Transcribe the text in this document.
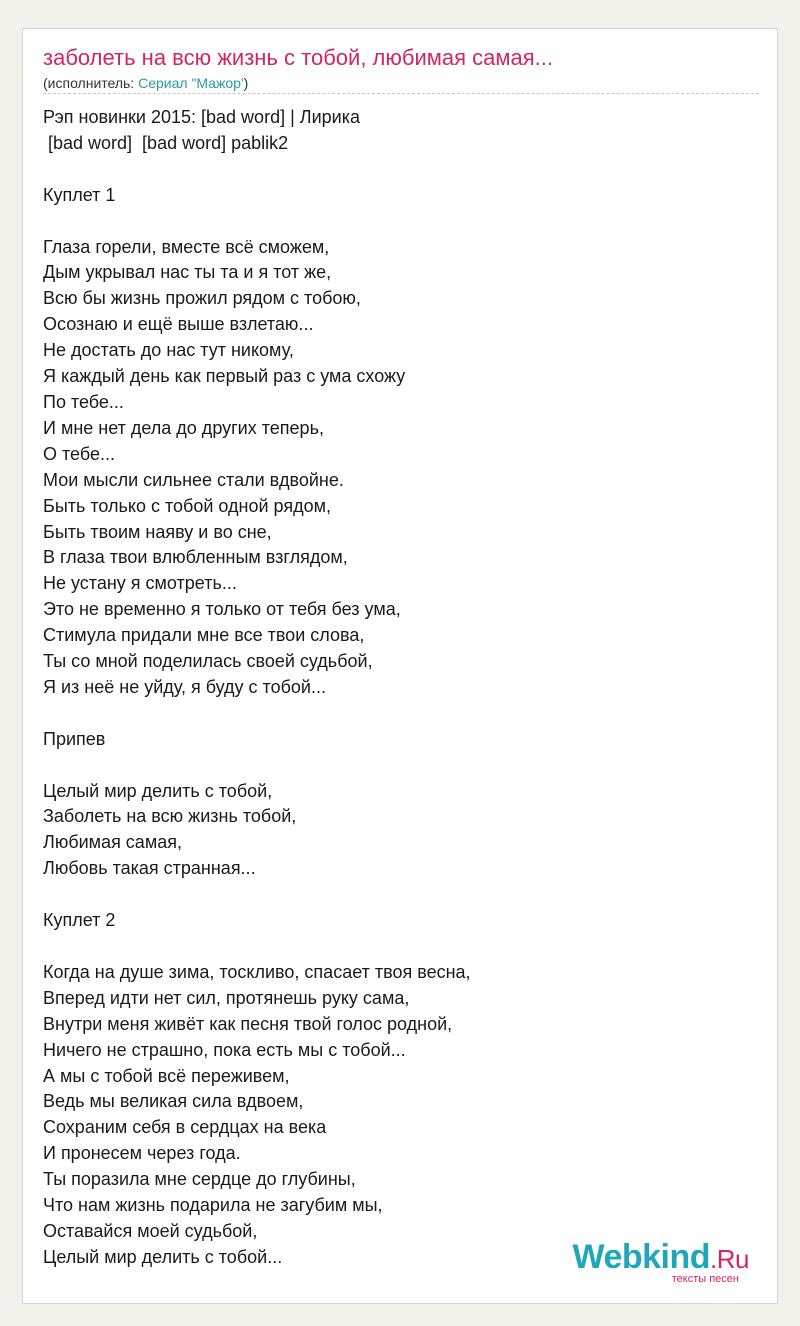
заболеть на всю жизнь с тобой, любимая самая...
(исполнитель: Сериал "Мажор')
Рэп новинки 2015: [bad word] | Лирика
[bad word]  [bad word] pablik2

Куплет 1

Глаза горели, вместе всё сможем,
Дым укрывал нас ты та и я тот же,
Всю бы жизнь прожил рядом с тобою,
Осознаю и ещё выше взлетаю...
Не достать до нас тут никому,
Я каждый день как первый раз с ума схожу
По тебе...
И мне нет дела до других теперь,
О тебе...
Мои мысли сильнее стали вдвойне.
Быть только с тобой одной рядом,
Быть твоим наяву и во сне,
В глаза твои влюбленным взглядом,
Не устану я смотреть...
Это не временно я только от тебя без ума,
Стимула придали мне все твои слова,
Ты со мной поделилась своей судьбой,
Я из неё не уйду, я буду с тобой...

Припев

Целый мир делить с тобой,
Заболеть на всю жизнь тобой,
Любимая самая,
Любовь такая странная...

Куплет 2

Когда на душе зима, тоскливо, спасает твоя весна,
Вперед идти нет сил, протянешь руку сама,
Внутри меня живёт как песня твой голос родной,
Ничего не страшно, пока есть мы с тобой...
А мы с тобой всё переживем,
Ведь мы великая сила вдвоем,
Сохраним себя в сердцах на века
И пронесем через года.
Ты поразила мне сердце до глубины,
Что нам жизнь подарила не загубим мы,
Оставайся моей судьбой,
Целый мир делить с тобой...	Webkind.Ru
тексты песен
